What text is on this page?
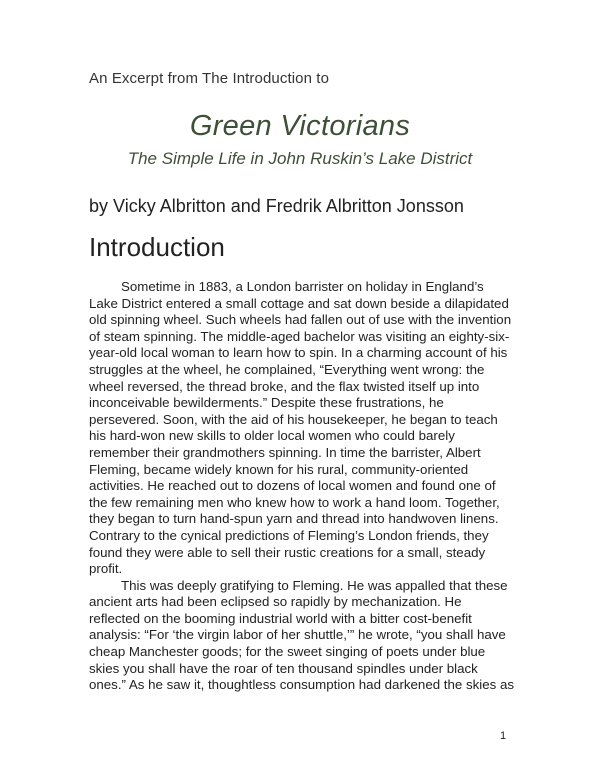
An Excerpt from The Introduction to
Green Victorians
The Simple Life in John Ruskin’s Lake District
by Vicky Albritton and Fredrik Albritton Jonsson
Introduction

Sometime in 1883, a London barrister on holiday in England’s Lake District entered a small cottage and sat down beside a dilapidated old spinning wheel. Such wheels had fallen out of use with the invention of steam spinning. The middle-aged bachelor was visiting an eighty-six-year-old local woman to learn how to spin. In a charming account of his struggles at the wheel, he complained, “Everything went wrong: the wheel reversed, the thread broke, and the flax twisted itself up into inconceivable bewilderments.” Despite these frustrations, he persevered. Soon, with the aid of his housekeeper, he began to teach his hard-won new skills to older local women who could barely remember their grandmothers spinning. In time the barrister, Albert Fleming, became widely known for his rural, community-oriented activities. He reached out to dozens of local women and found one of the few remaining men who knew how to work a hand loom. Together, they began to turn hand-spun yarn and thread into handwoven linens. Contrary to the cynical predictions of Fleming’s London friends, they found they were able to sell their rustic creations for a small, steady profit.

This was deeply gratifying to Fleming. He was appalled that these ancient arts had been eclipsed so rapidly by mechanization. He reflected on the booming industrial world with a bitter cost-benefit analysis: “For ‘the virgin labor of her shuttle,’” he wrote, “you shall have cheap Manchester goods; for the sweet singing of poets under blue skies you shall have the roar of ten thousand spindles under black ones.” As he saw it, thoughtless consumption had darkened the skies as

1
